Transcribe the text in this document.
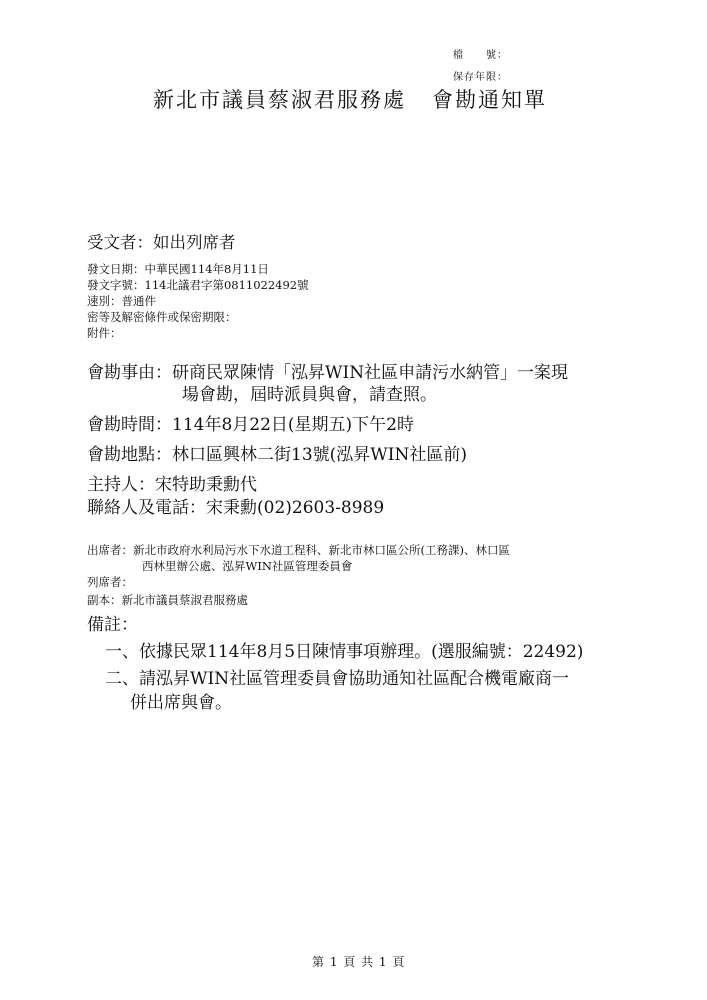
檔　　號：
保存年限：
新北市議員蔡淑君服務處 會勘通知單
受文者：如出列席者
發文日期：中華民國114年8月11日
發文字號：114北議君字第0811022492號
速別：普通件
密等及解密條件或保密期限：
附件：
會勘事由：研商民眾陳情「泓昇WIN社區申請污水納管」一案現
場會勘，屆時派員與會，請查照。
會勘時間：114年8月22日(星期五)下午2時
會勘地點：林口區興林二街13號(泓昇WIN社區前)
主持人：宋特助秉勳代
聯絡人及電話：宋秉勳(02)2603-8989
出席者：新北市政府水利局污水下水道工程科、新北市林口區公所(工務課)、林口區
西林里辦公處、泓昇WIN社區管理委員會
列席者：
副本：新北市議員蔡淑君服務處
備註：
一、依據民眾114年8月5日陳情事項辦理。(選服編號：22492)
二、請泓昇WIN社區管理委員會協助通知社區配合機電廠商一
併出席與會。
第 1 頁 共 1 頁
